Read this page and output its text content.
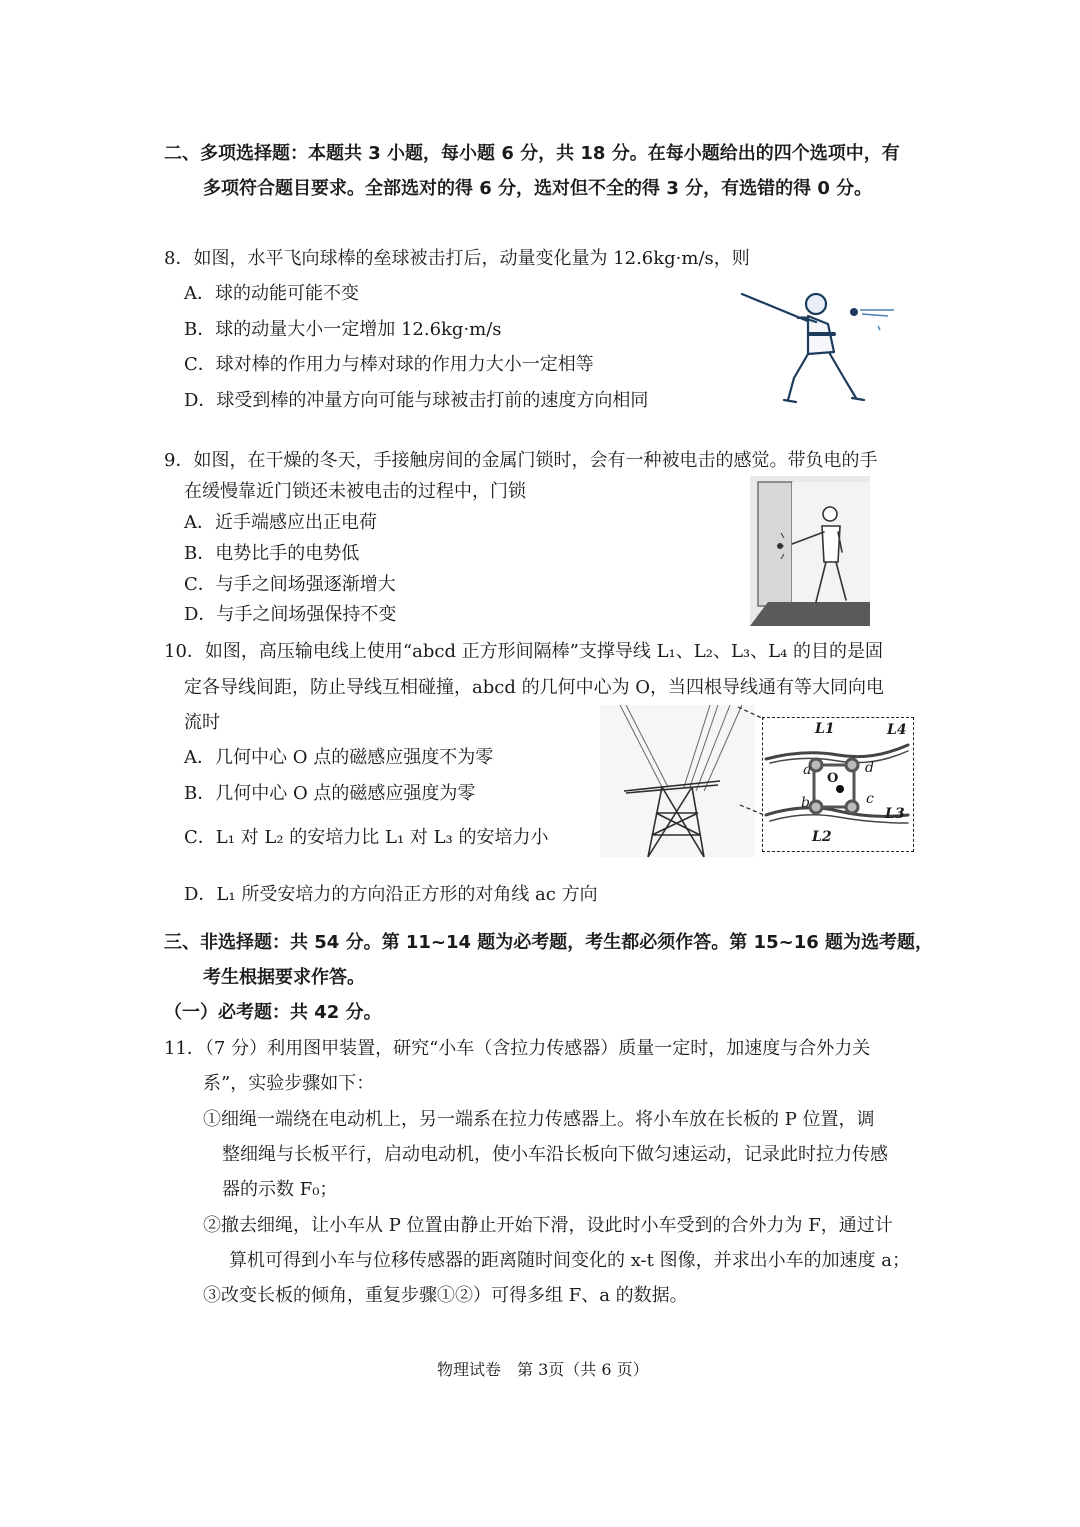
二、多项选择题：本题共 3 小题，每小题 6 分，共 18 分。在每小题给出的四个选项中，有
多项符合题目要求。全部选对的得 6 分，选对但不全的得 3 分，有选错的得 0 分。
8．如图，水平飞向球棒的垒球被击打后，动量变化量为 12.6kg·m/s，则
A．球的动能可能不变
B．球的动量大小一定增加 12.6kg·m/s
C．球对棒的作用力与棒对球的作用力大小一定相等
D．球受到棒的冲量方向可能与球被击打前的速度方向相同
9．如图，在干燥的冬天，手接触房间的金属门锁时，会有一种被电击的感觉。带负电的手
在缓慢靠近门锁还未被电击的过程中，门锁
A．近手端感应出正电荷
B．电势比手的电势低
C．与手之间场强逐渐增大
D．与手之间场强保持不变
10．如图，高压输电线上使用“abcd 正方形间隔棒”支撑导线 L₁、L₂、L₃、L₄ 的目的是固
定各导线间距，防止导线互相碰撞，abcd 的几何中心为 O，当四根导线通有等大同向电
流时
A．几何中心 O 点的磁感应强度不为零
B．几何中心 O 点的磁感应强度为零
C．L₁ 对 L₂ 的安培力比 L₁ 对 L₃ 的安培力小
D．L₁ 所受安培力的方向沿正方形的对角线 ac 方向
L1	L4
L3
L2
a	d
b	c
O
三、非选择题：共 54 分。第 11~14 题为必考题，考生都必须作答。第 15~16 题为选考题，
考生根据要求作答。
（一）必考题：共 42 分。
11．（7 分）利用图甲装置，研究“小车（含拉力传感器）质量一定时，加速度与合外力关
系”，实验步骤如下：
①细绳一端绕在电动机上，另一端系在拉力传感器上。将小车放在长板的 P 位置，调
整细绳与长板平行，启动电动机，使小车沿长板向下做匀速运动，记录此时拉力传感
器的示数 F₀；
②撤去细绳，让小车从 P 位置由静止开始下滑，设此时小车受到的合外力为 F，通过计
算机可得到小车与位移传感器的距离随时间变化的 x-t 图像，并求出小车的加速度 a；
③改变长板的倾角，重复步骤①②）可得多组 F、a 的数据。
物理试卷　第 3页（共 6 页）
